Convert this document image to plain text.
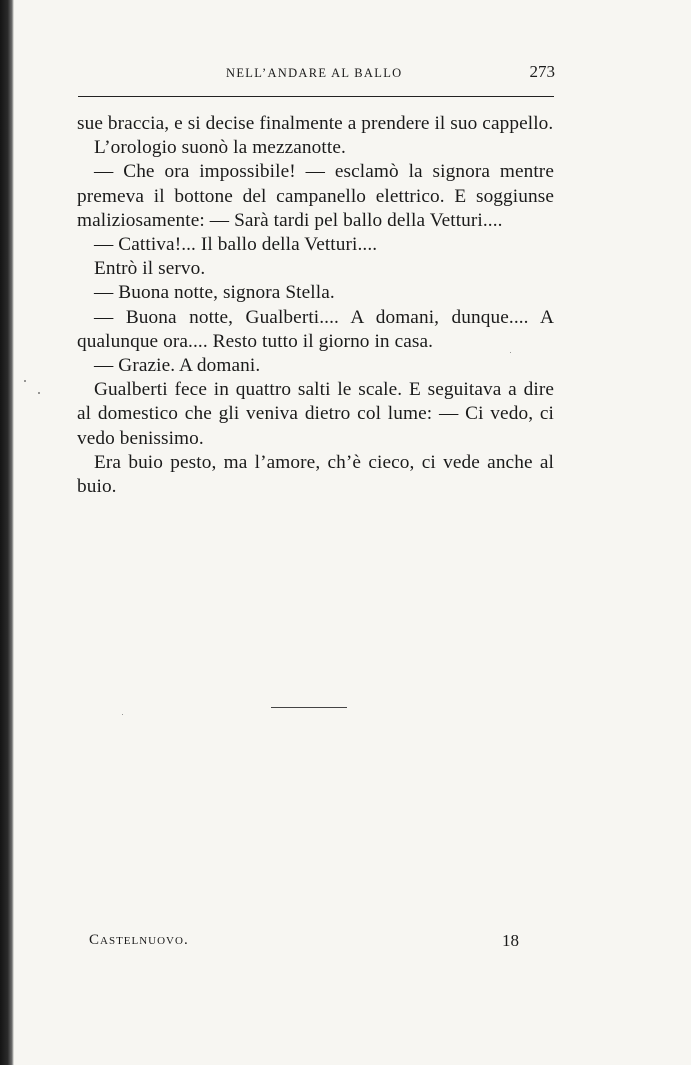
NELL’ANDARE AL BALLO	273

sue braccia, e si decise finalmente a prendere il suo cappello.

L’orologio suonò la mezzanotte.

— Che ora impossibile! — esclamò la signora mentre premeva il bottone del campanello elettrico. E soggiunse maliziosamente: — Sarà tardi pel ballo della Vetturi....

— Cattiva!... Il ballo della Vetturi....

Entrò il servo.

— Buona notte, signora Stella.

— Buona notte, Gualberti.... A domani, dunque.... A qualunque ora.... Resto tutto il giorno in casa.

— Grazie. A domani.

Gualberti fece in quattro salti le scale. E seguitava a dire al domestico che gli veniva dietro col lume: — Ci vedo, ci vedo benissimo.

Era buio pesto, ma l’amore, ch’è cieco, ci vede anche al buio.

Castelnuovo.	18
